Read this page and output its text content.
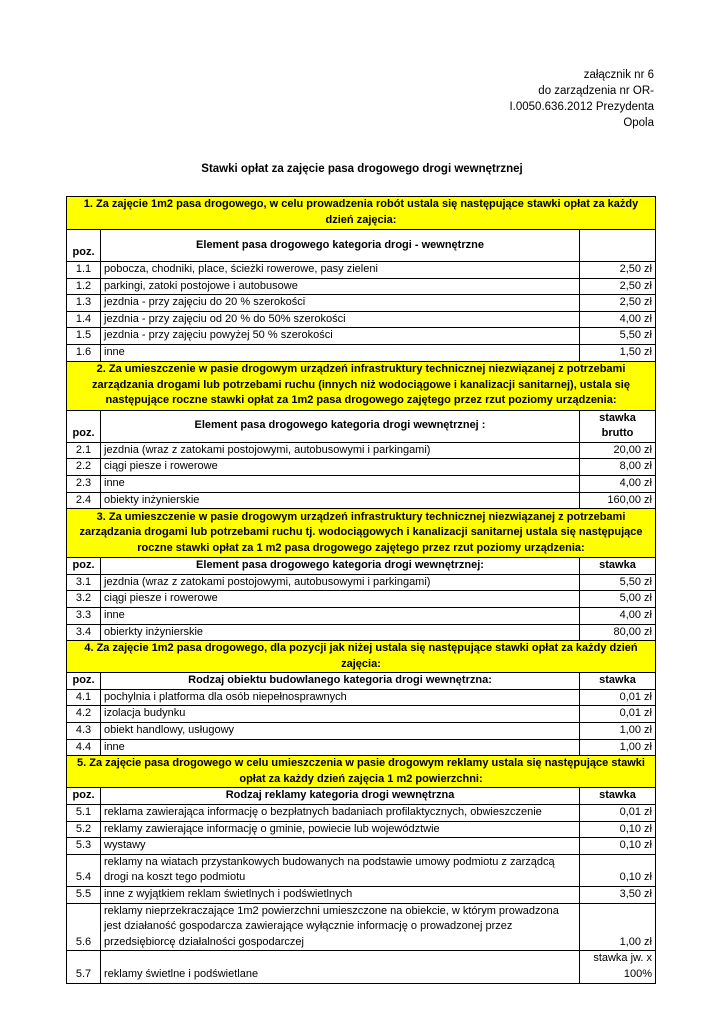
załącznik nr 6
do zarządzenia nr OR-
I.0050.636.2012 Prezydenta
Opola
Stawki opłat za zajęcie pasa drogowego drogi wewnętrznej
1. Za zajęcie 1m2 pasa drogowego, w celu prowadzenia robót ustala się następujące stawki opłat za każdy dzień zajęcia:		
poz.	Element pasa drogowego kategoria drogi - wewnętrzne	
1.1	pobocza, chodniki, place, ścieżki rowerowe, pasy zieleni	2,50 zł
1.2	parkingi, zatoki postojowe i autobusowe	2,50 zł
1.3	jezdnia - przy zajęciu do 20 % szerokości	2,50 zł
1.4	jezdnia - przy zajęciu od 20 % do 50% szerokości	4,00 zł
1.5	jezdnia - przy zajęciu powyżej 50 % szerokości	5,50 zł
1.6	inne	1,50 zł
2. Za umieszczenie w pasie drogowym urządzeń infrastruktury technicznej niezwiązanej z potrzebami zarządzania drogami lub potrzebami ruchu (innych niż wodociągowe i kanalizacji sanitarnej), ustala się następujące roczne stawki opłat za 1m2 pasa drogowego zajętego przez rzut poziomy urządzenia:		
poz.	Element pasa drogowego kategoria drogi wewnętrznej :	stawka brutto
2.1	jezdnia (wraz z zatokami postojowymi, autobusowymi i parkingami)	20,00 zł
2.2	ciągi piesze i rowerowe	8,00 zł
2.3	inne	4,00 zł
2.4	obiekty inżynierskie	160,00 zł
3. Za umieszczenie w pasie drogowym urządzeń infrastruktury technicznej niezwiązanej z potrzebami zarządzania drogami lub potrzebami ruchu tj. wodociągowych i kanalizacji sanitarnej ustala się następujące roczne stawki opłat za 1 m2 pasa drogowego zajętego przez rzut poziomy urządzenia:		
poz.	Element pasa drogowego kategoria drogi wewnętrznej:	stawka
3.1	jezdnia (wraz z zatokami postojowymi, autobusowymi i parkingami)	5,50 zł
3.2	ciągi piesze i rowerowe	5,00 zł
3.3	inne	4,00 zł
3.4	obierkty inżynierskie	80,00 zł
4. Za zajęcie 1m2 pasa drogowego, dla pozycji jak niżej ustala się następujące stawki opłat za każdy dzień zajęcia:		
poz.	Rodzaj obiektu budowlanego kategoria drogi wewnętrzna:	stawka
4.1	pochylnia i platforma dla osób niepełnosprawnych	0,01 zł
4.2	izolacja budynku	0,01 zł
4.3	obiekt handlowy, usługowy	1,00 zł
4.4	inne	1,00 zł
5. Za zajęcie pasa drogowego w celu umieszczenia w pasie drogowym reklamy ustala się następujące stawki opłat za każdy dzień zajęcia 1 m2 powierzchni:		
poz.	Rodzaj reklamy kategoria drogi wewnętrzna	stawka
5.1	reklama zawierająca informację o bezpłatnych badaniach profilaktycznych, obwieszczenie	0,01 zł
5.2	reklamy zawierające informację o gminie, powiecie lub województwie	0,10 zł
5.3	wystawy	0,10 zł
5.4	reklamy na wiatach przystankowych budowanych na podstawie umowy podmiotu z zarządcą drogi na koszt tego podmiotu	0,10 zł
5.5	inne z wyjątkiem reklam świetlnych i podświetlnych	3,50 zł
5.6	reklamy nieprzekraczające 1m2 powierzchni umieszczone na obiekcie, w którym prowadzona jest działaność gospodarcza zawierające wyłącznie informację o prowadzonej przez przedsiębiorcę działalności gospodarczej	1,00 zł
5.7	reklamy świetlne i podświetlane	stawka jw. x 100%
